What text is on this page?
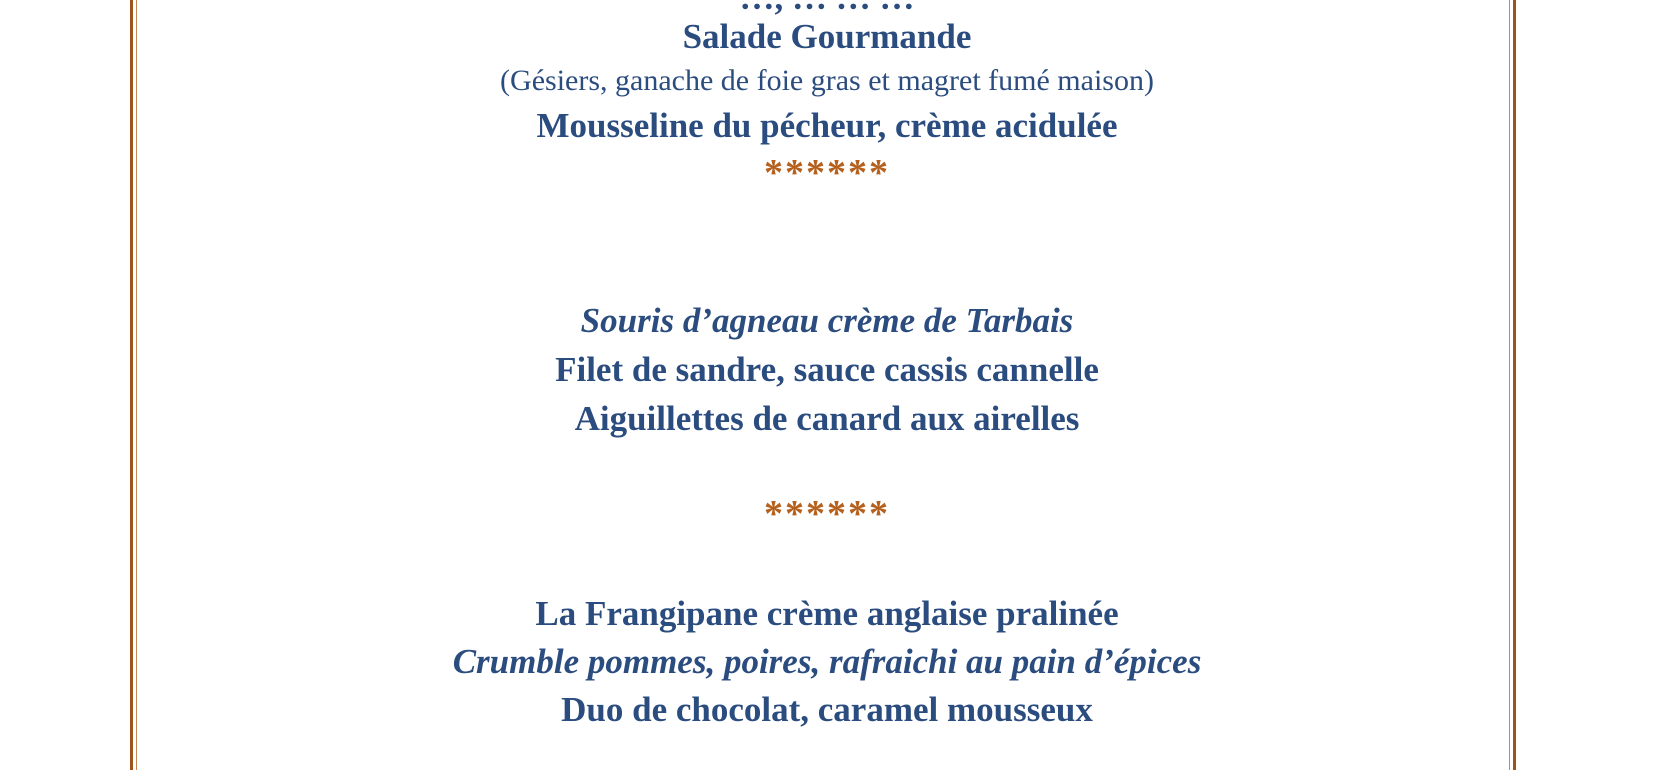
Salade Gourmande
(Gésiers, ganache de foie gras et magret fumé maison)
Mousseline du pécheur, crème acidulée
******
Souris d’agneau crème de Tarbais
Filet de sandre, sauce cassis cannelle
Aiguillettes de canard aux airelles
******
La Frangipane crème anglaise pralinée
Crumble pommes, poires, rafraichi au pain d’épices
Duo de chocolat, caramel mousseux
